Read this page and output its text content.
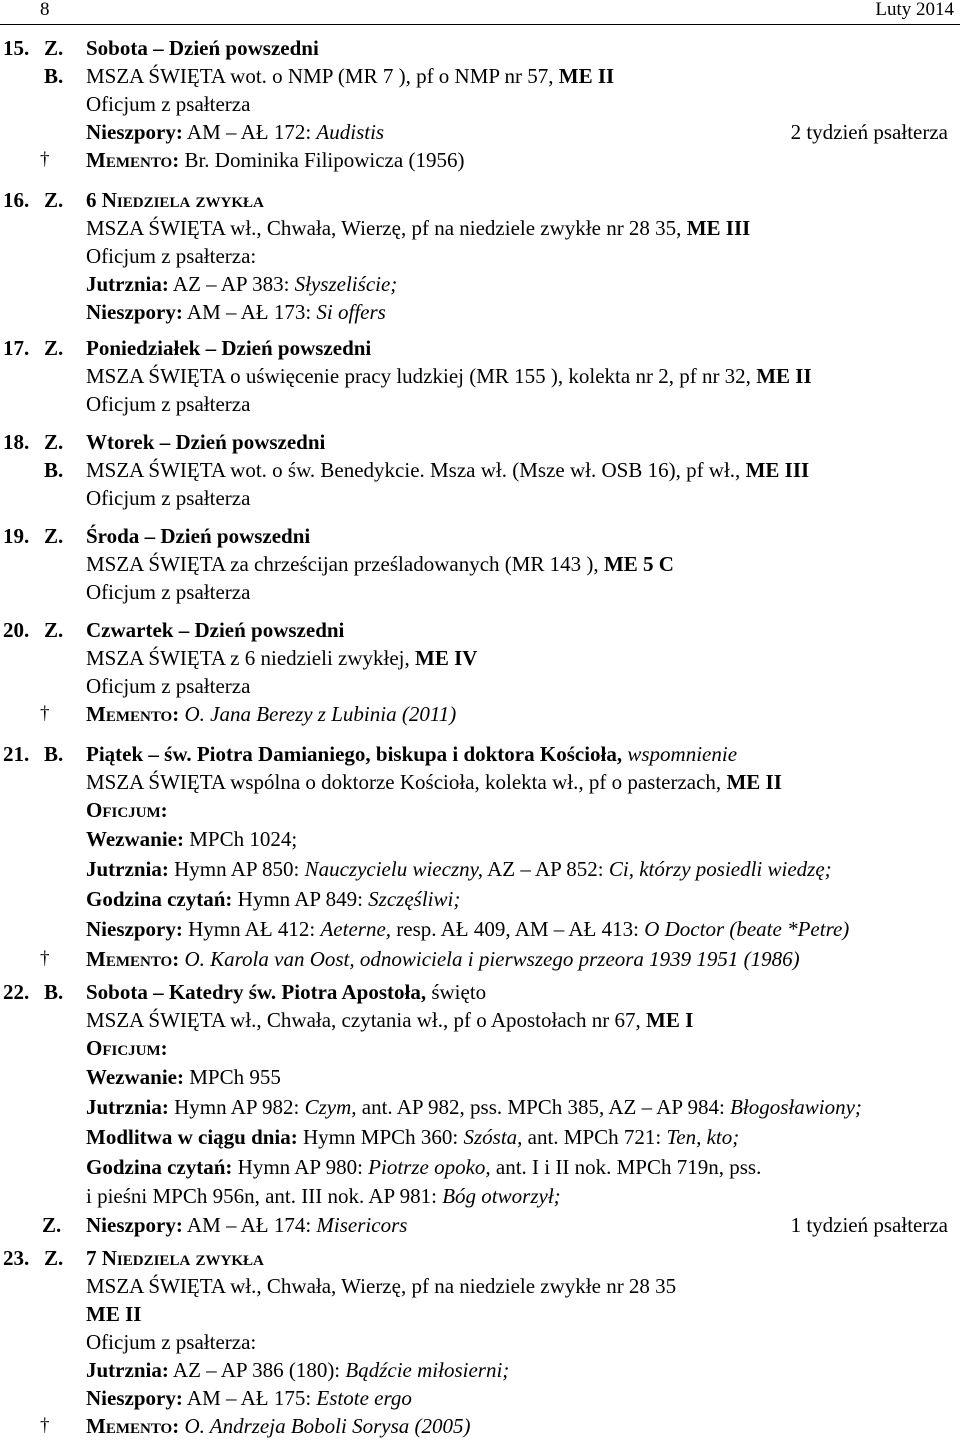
8	Luty 2014
15. Z. Sobota – Dzień powszedni
B. MSZA ŚWIĘTA wot. o NMP (MR 7 ), pf o NMP nr 57, ME II
Oficjum z psałterza
Nieszpory: AM – AŁ 172: Audistis	2 tydzień psałterza
† Memento: Br. Dominika Filipowicza (1956)
16. Z. 6 Niedziela zwykła
MSZA ŚWIĘTA wł., Chwała, Wierzę, pf na niedziele zwykłe nr 28 35, ME III
Oficjum z psałterza:
Jutrznia: AZ – AP 383: Słyszeliście;
Nieszpory: AM – AŁ 173: Si offers
17. Z. Poniedziałek – Dzień powszedni
MSZA ŚWIĘTA o uświęcenie pracy ludzkiej (MR 155 ), kolekta nr 2, pf nr 32, ME II
Oficjum z psałterza
18. Z. Wtorek – Dzień powszedni
B. MSZA ŚWIĘTA wot. o św. Benedykcie. Msza wł. (Msze wł. OSB 16), pf wł., ME III
Oficjum z psałterza
19. Z. Środa – Dzień powszedni
MSZA ŚWIĘTA za chrześcijan prześladowanych (MR 143 ), ME 5 C
Oficjum z psałterza
20. Z. Czwartek – Dzień powszedni
MSZA ŚWIĘTA z 6 niedzieli zwykłej, ME IV
Oficjum z psałterza
† Memento: O. Jana Berezy z Lubinia (2011)
21. B. Piątek – św. Piotra Damianiego, biskupa i doktora Kościoła, wspomnienie
MSZA ŚWIĘTA wspólna o doktorze Kościoła, kolekta wł., pf o pasterzach, ME II
Oficjum:
Wezwanie: MPCh 1024;
Jutrznia: Hymn AP 850: Nauczycielu wieczny, AZ – AP 852: Ci, którzy posiedli wiedzę;
Godzina czytań: Hymn AP 849: Szczęśliwi;
Nieszpory: Hymn AŁ 412: Aeterne, resp. AŁ 409, AM – AŁ 413: O Doctor (beate *Petre)
† Memento: O. Karola van Oost, odnowiciela i pierwszego przeora 1939 1951 (1986)
22. B. Sobota – Katedry św. Piotra Apostoła, święto
MSZA ŚWIĘTA wł., Chwała, czytania wł., pf o Apostołach nr 67, ME I
Oficjum:
Wezwanie: MPCh 955
Jutrznia: Hymn AP 982: Czym, ant. AP 982, pss. MPCh 385, AZ – AP 984: Błogosławiony;
Modlitwa w ciągu dnia: Hymn MPCh 360: Szósta, ant. MPCh 721: Ten, kto;
Godzina czytań: Hymn AP 980: Piotrze opoko, ant. I i II nok. MPCh 719n, pss.
i pieśni MPCh 956n, ant. III nok. AP 981: Bóg otworzył;
Z. Nieszpory: AM – AŁ 174: Misericors	1 tydzień psałterza
23. Z. 7 Niedziela zwykła
MSZA ŚWIĘTA wł., Chwała, Wierzę, pf na niedziele zwykłe nr 28 35
ME II
Oficjum z psałterza:
Jutrznia: AZ – AP 386 (180): Bądźcie miłosierni;
Nieszpory: AM – AŁ 175: Estote ergo
† Memento: O. Andrzeja Boboli Sorysa (2005)
